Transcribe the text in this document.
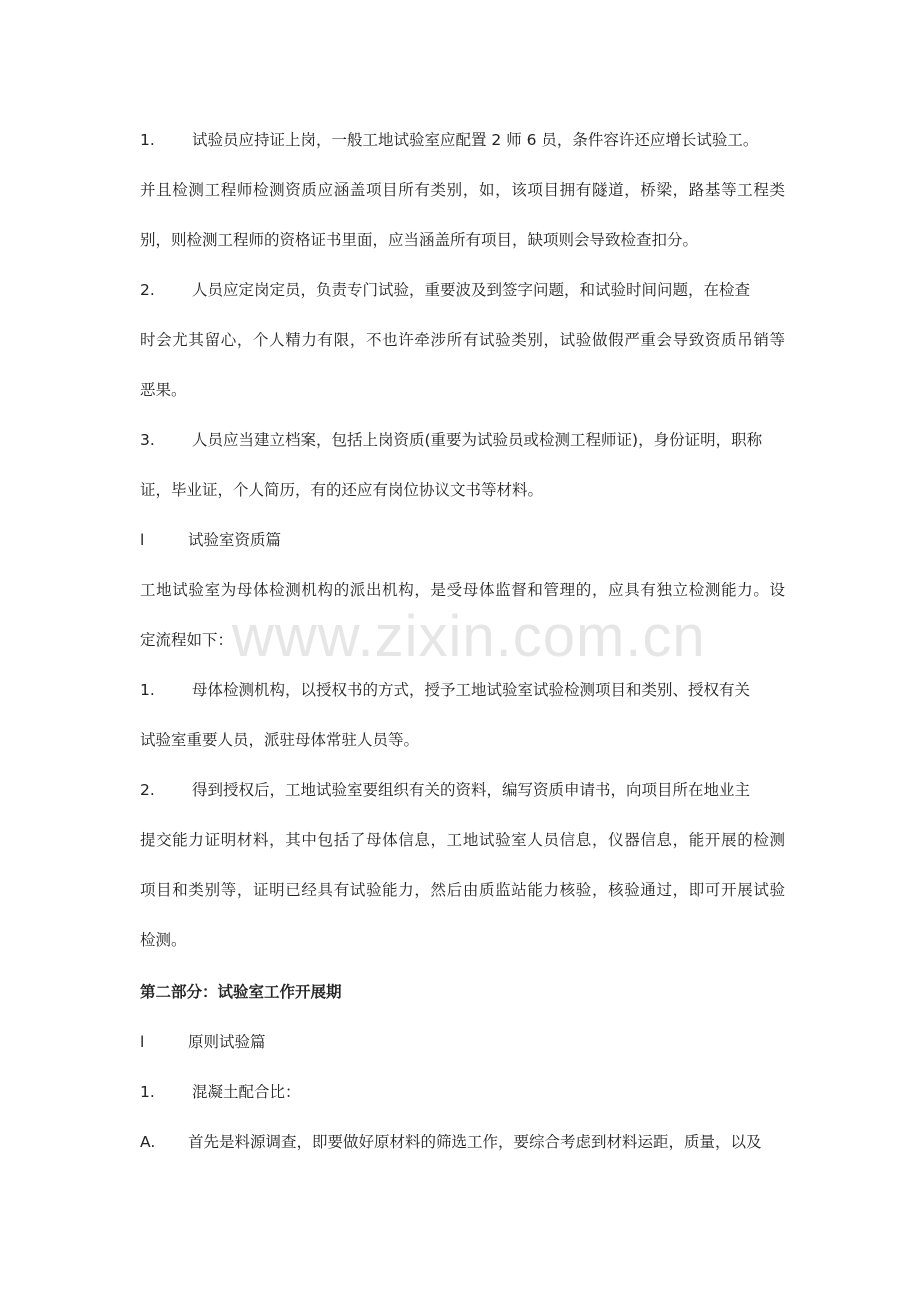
www.zixin.com.cn
1. 试验员应持证上岗，一般工地试验室应配置 2 师 6 员，条件容许还应增长试验工。
并且检测工程师检测资质应涵盖项目所有类别，如，该项目拥有隧道，桥梁，路基等工程类
别，则检测工程师的资格证书里面，应当涵盖所有项目，缺项则会导致检查扣分。
2. 人员应定岗定员，负责专门试验，重要波及到签字问题，和试验时间问题，在检查
时会尤其留心，个人精力有限，不也许牵涉所有试验类别，试验做假严重会导致资质吊销等
恶果。
3. 人员应当建立档案，包括上岗资质(重要为试验员或检测工程师证)，身份证明，职称
证，毕业证，个人简历，有的还应有岗位协议文书等材料。
l	试验室资质篇
工地试验室为母体检测机构的派出机构，是受母体监督和管理的，应具有独立检测能力。设
定流程如下：
1. 母体检测机构，以授权书的方式，授予工地试验室试验检测项目和类别、授权有关
试验室重要人员，派驻母体常驻人员等。
2. 得到授权后，工地试验室要组织有关的资料，编写资质申请书，向项目所在地业主
提交能力证明材料，其中包括了母体信息，工地试验室人员信息，仪器信息，能开展的检测
项目和类别等，证明已经具有试验能力，然后由质监站能力核验，核验通过，即可开展试验
检测。
第二部分：试验室工作开展期
l	原则试验篇
1. 混凝土配合比：
A. 首先是料源调查，即要做好原材料的筛选工作，要综合考虑到材料运距，质量，以及
